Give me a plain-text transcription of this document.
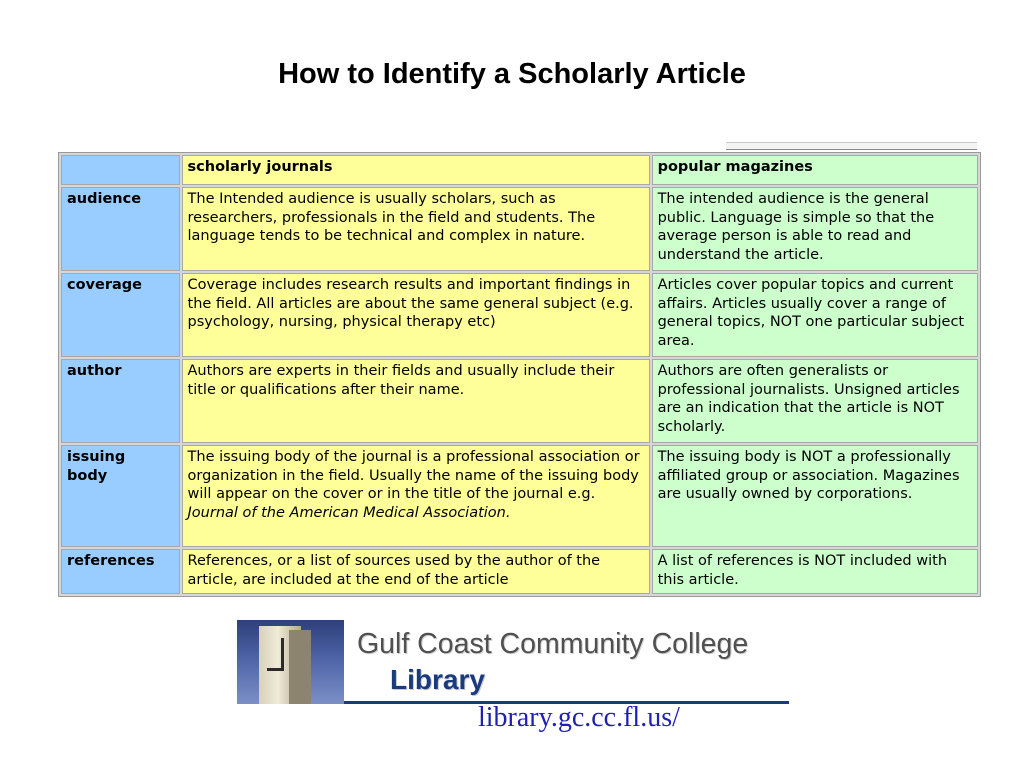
How to Identify a Scholarly Article
	scholarly journals	popular magazines
audience	The Intended audience is usually scholars, such as researchers, professionals in the field and students. The language tends to be technical and complex in nature.	The intended audience is the general public. Language is simple so that the average person is able to read and understand the article.
coverage	Coverage includes research results and important findings in the field. All articles are about the same general subject (e.g. psychology, nursing, physical therapy etc)	Articles cover popular topics and current affairs. Articles usually cover a range of general topics, NOT one particular subject area.
author	Authors are experts in their fields and usually include their title or qualifications after their name.	Authors are often generalists or professional journalists. Unsigned articles are an indication that the article is NOT scholarly.
issuing
body	The issuing body of the journal is a professional association or organization in the field. Usually the name of the issuing body will appear on the cover or in the title of the journal e.g. Journal of the American Medical Association.	The issuing body is NOT a professionally affiliated group or association. Magazines are usually owned by corporations.
references	References, or a list of sources used by the author of the article, are included at the end of the article	A list of references is NOT included with this article.
Gulf Coast Community College
Library
library.gc.cc.fl.us/
